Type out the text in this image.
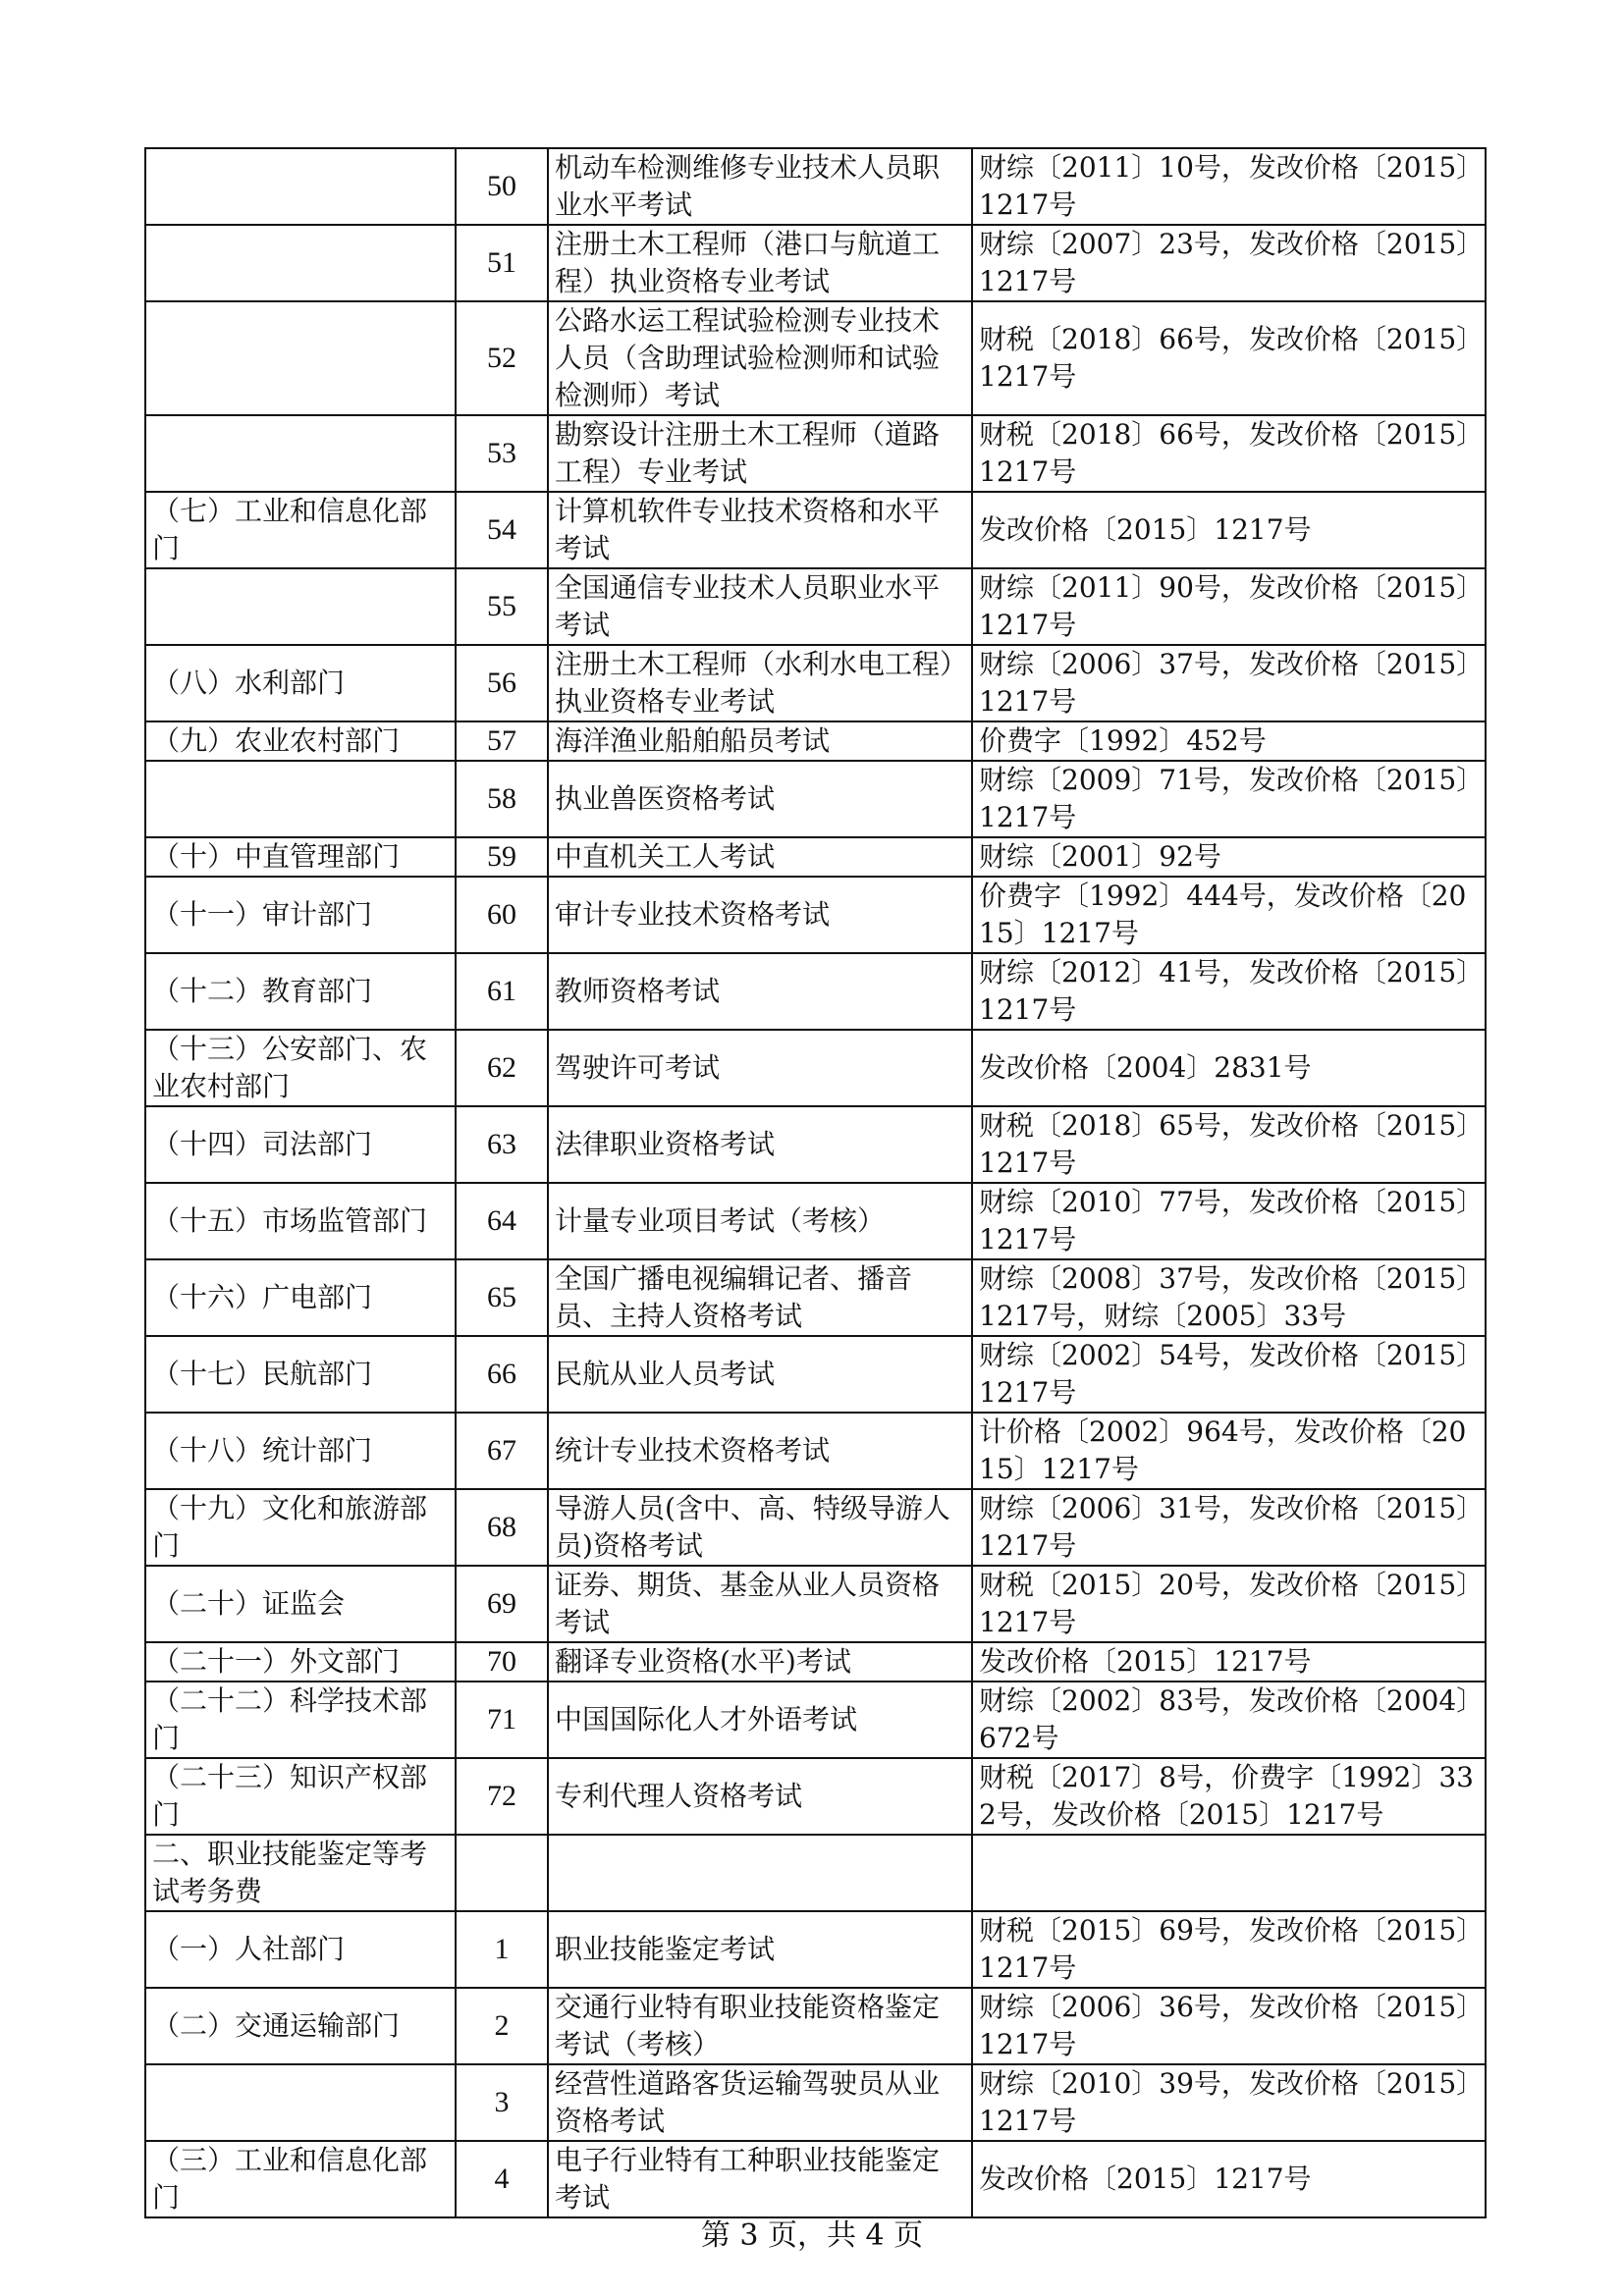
	50	机动车检测维修专业技术人员职业水平考试	财综〔2011〕10号，发改价格〔2015〕1217号

	51	注册土木工程师（港口与航道工程）执业资格专业考试	财综〔2007〕23号，发改价格〔2015〕1217号

	52	公路水运工程试验检测专业技术人员（含助理试验检测师和试验检测师）考试	财税〔2018〕66号，发改价格〔2015〕1217号

	53	勘察设计注册土木工程师（道路工程）专业考试	财税〔2018〕66号，发改价格〔2015〕1217号

（七）工业和信息化部门	54	计算机软件专业技术资格和水平考试	发改价格〔2015〕1217号

	55	全国通信专业技术人员职业水平考试	财综〔2011〕90号，发改价格〔2015〕1217号

（八）水利部门	56	注册土木工程师（水利水电工程）执业资格专业考试	财综〔2006〕37号，发改价格〔2015〕1217号

（九）农业农村部门	57	海洋渔业船舶船员考试	价费字〔1992〕452号

	58	执业兽医资格考试	财综〔2009〕71号，发改价格〔2015〕1217号

（十）中直管理部门	59	中直机关工人考试	财综〔2001〕92号

（十一）审计部门	60	审计专业技术资格考试	价费字〔1992〕444号，发改价格〔2015〕1217号

（十二）教育部门	61	教师资格考试	财综〔2012〕41号，发改价格〔2015〕1217号

（十三）公安部门、农业农村部门	62	驾驶许可考试	发改价格〔2004〕2831号

（十四）司法部门	63	法律职业资格考试	财税〔2018〕65号，发改价格〔2015〕1217号

（十五）市场监管部门	64	计量专业项目考试（考核）	财综〔2010〕77号，发改价格〔2015〕1217号

（十六）广电部门	65	全国广播电视编辑记者、播音员、主持人资格考试	财综〔2008〕37号，发改价格〔2015〕1217号，财综〔2005〕33号

（十七）民航部门	66	民航从业人员考试	财综〔2002〕54号，发改价格〔2015〕1217号

（十八）统计部门	67	统计专业技术资格考试	计价格〔2002〕964号，发改价格〔2015〕1217号

（十九）文化和旅游部门	68	导游人员(含中、高、特级导游人员)资格考试	财综〔2006〕31号，发改价格〔2015〕1217号

（二十）证监会	69	证券、期货、基金从业人员资格考试	财税〔2015〕20号，发改价格〔2015〕1217号

（二十一）外文部门	70	翻译专业资格(水平)考试	发改价格〔2015〕1217号

（二十二）科学技术部门	71	中国国际化人才外语考试	财综〔2002〕83号，发改价格〔2004〕672号

（二十三）知识产权部门	72	专利代理人资格考试	财税〔2017〕8号，价费字〔1992〕332号，发改价格〔2015〕1217号

二、职业技能鉴定等考试考务费			

（一）人社部门	1	职业技能鉴定考试	财税〔2015〕69号，发改价格〔2015〕1217号

（二）交通运输部门	2	交通行业特有职业技能资格鉴定考试（考核）	财综〔2006〕36号，发改价格〔2015〕1217号

	3	经营性道路客货运输驾驶员从业资格考试	财综〔2010〕39号，发改价格〔2015〕1217号

（三）工业和信息化部门	4	电子行业特有工种职业技能鉴定考试	发改价格〔2015〕1217号
第 3 页，共 4 页
